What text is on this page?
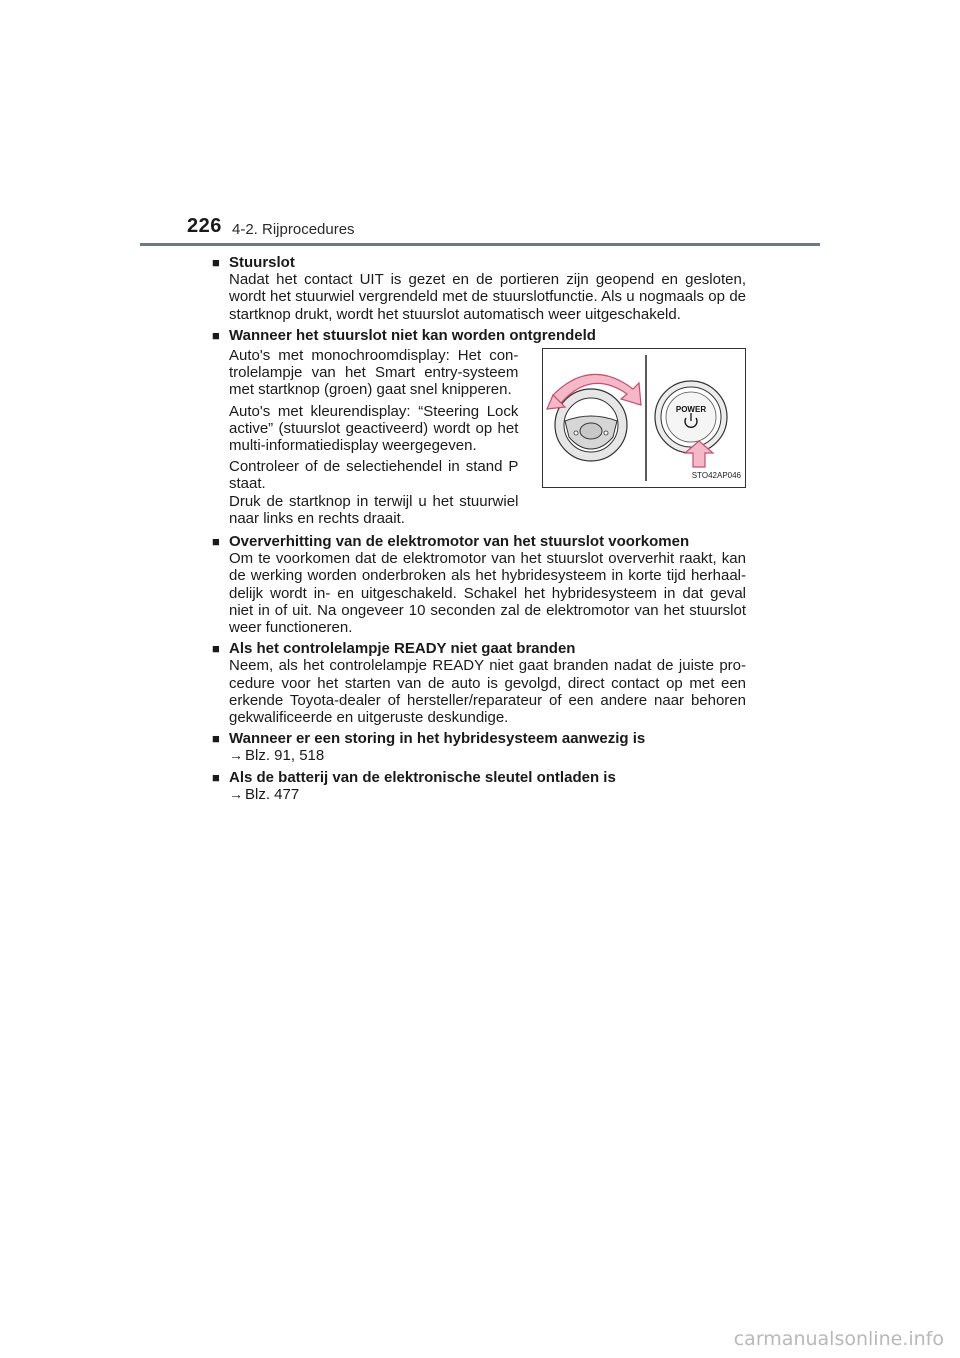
226 4-2. Rijprocedures
■ Stuurslot
Nadat het contact UIT is gezet en de portieren zijn geopend en gesloten, wordt het stuurwiel vergrendeld met de stuurslotfunctie. Als u nogmaals op de startknop drukt, wordt het stuurslot automatisch weer uitgeschakeld.
■ Wanneer het stuurslot niet kan worden ontgrendeld
Auto's met monochroomdisplay: Het con-trolelampje van het Smart entry-systeem met startknop (groen) gaat snel knipperen.
Auto's met kleurendisplay: “Steering Lock active” (stuurslot geactiveerd) wordt op het multi-informatiedisplay weergegeven.
Controleer of de selectiehendel in stand P staat.
Druk de startknop in terwijl u het stuurwiel naar links en rechts draait.
POWER
STO42AP046
■ Oververhitting van de elektromotor van het stuurslot voorkomen
Om te voorkomen dat de elektromotor van het stuurslot oververhit raakt, kan de werking worden onderbroken als het hybridesysteem in korte tijd herhaal-delijk wordt in- en uitgeschakeld. Schakel het hybridesysteem in dat geval niet in of uit. Na ongeveer 10 seconden zal de elektromotor van het stuurslot weer functioneren.
■ Als het controlelampje READY niet gaat branden
Neem, als het controlelampje READY niet gaat branden nadat de juiste pro-cedure voor het starten van de auto is gevolgd, direct contact op met een erkende Toyota-dealer of hersteller/reparateur of een andere naar behoren gekwalificeerde en uitgeruste deskundige.
■ Wanneer er een storing in het hybridesysteem aanwezig is
→ Blz. 91, 518
■ Als de batterij van de elektronische sleutel ontladen is
→ Blz. 477
carmanualsonline.info
